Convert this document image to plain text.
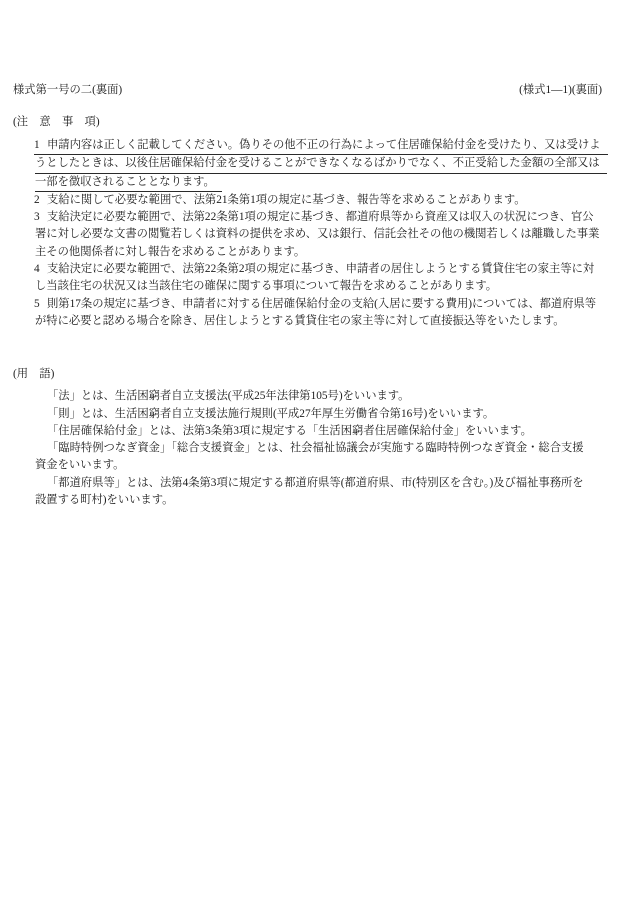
様式第一号の二(裏面)	(様式1―1)(裏面)
(注　意　事　項)
1 申請内容は正しく記載してください。偽りその他不正の行為によって住居確保給付金を受けたり、又は受けよ
うとしたときは、以後住居確保給付金を受けることができなくなるばかりでなく、不正受給した金額の全部又は
一部を徴収されることとなります。
2 支給に関して必要な範囲で、法第21条第1項の規定に基づき、報告等を求めることがあります。
3 支給決定に必要な範囲で、法第22条第1項の規定に基づき、都道府県等から資産又は収入の状況につき、官公
署に対し必要な文書の閲覧若しくは資料の提供を求め、又は銀行、信託会社その他の機関若しくは離職した事業
主その他関係者に対し報告を求めることがあります。
4 支給決定に必要な範囲で、法第22条第2項の規定に基づき、申請者の居住しようとする賃貸住宅の家主等に対
し当該住宅の状況又は当該住宅の確保に関する事項について報告を求めることがあります。
5 則第17条の規定に基づき、申請者に対する住居確保給付金の支給(入居に要する費用)については、都道府県等
が特に必要と認める場合を除き、居住しようとする賃貸住宅の家主等に対して直接振込等をいたします。
(用　語)
「法」とは、生活困窮者自立支援法(平成25年法律第105号)をいいます。
「則」とは、生活困窮者自立支援法施行規則(平成27年厚生労働省令第16号)をいいます。
「住居確保給付金」とは、法第3条第3項に規定する「生活困窮者住居確保給付金」をいいます。
「臨時特例つなぎ資金」「総合支援資金」とは、社会福祉協議会が実施する臨時特例つなぎ資金・総合支援
資金をいいます。
「都道府県等」とは、法第4条第3項に規定する都道府県等(都道府県、市(特別区を含む。)及び福祉事務所を
設置する町村)をいいます。
